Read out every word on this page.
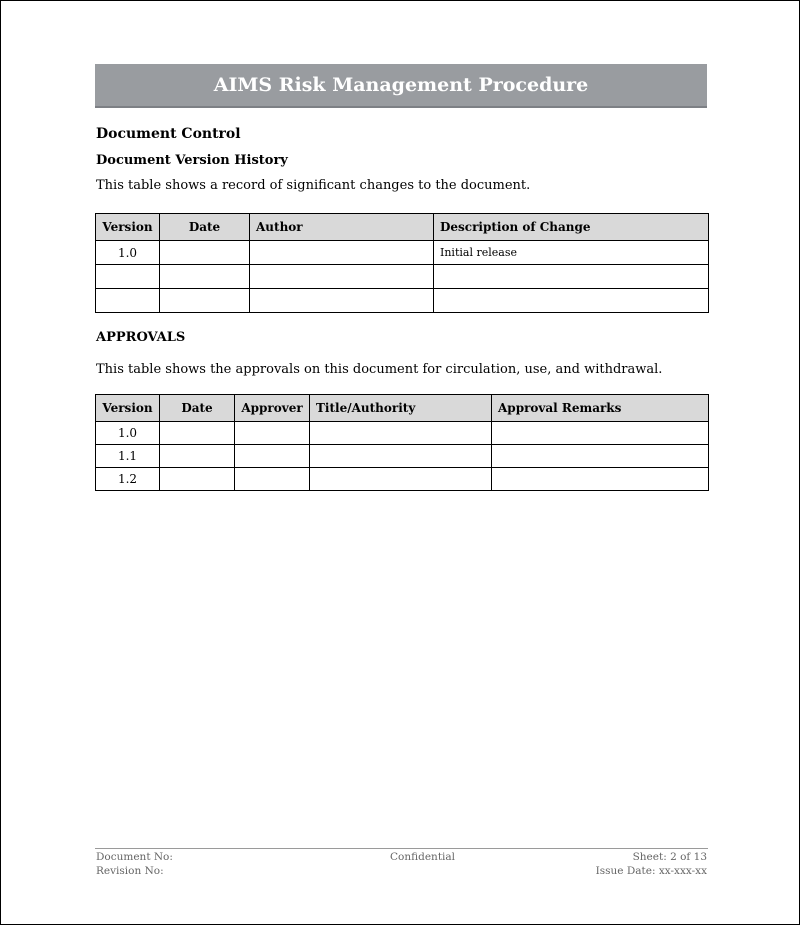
AIMS Risk Management Procedure
Document Control
Document Version History
This table shows a record of significant changes to the document.
Version	Date	Author	Description of Change
1.0			Initial release

APPROVALS
This table shows the approvals on this document for circulation, use, and withdrawal.
Version	Date	Approver	Title/Authority	Approval Remarks
1.0				
1.1				
1.2				
Document No:
Revision No:
Confidential	Sheet: 2 of 13
Issue Date: xx-xxx-xx
